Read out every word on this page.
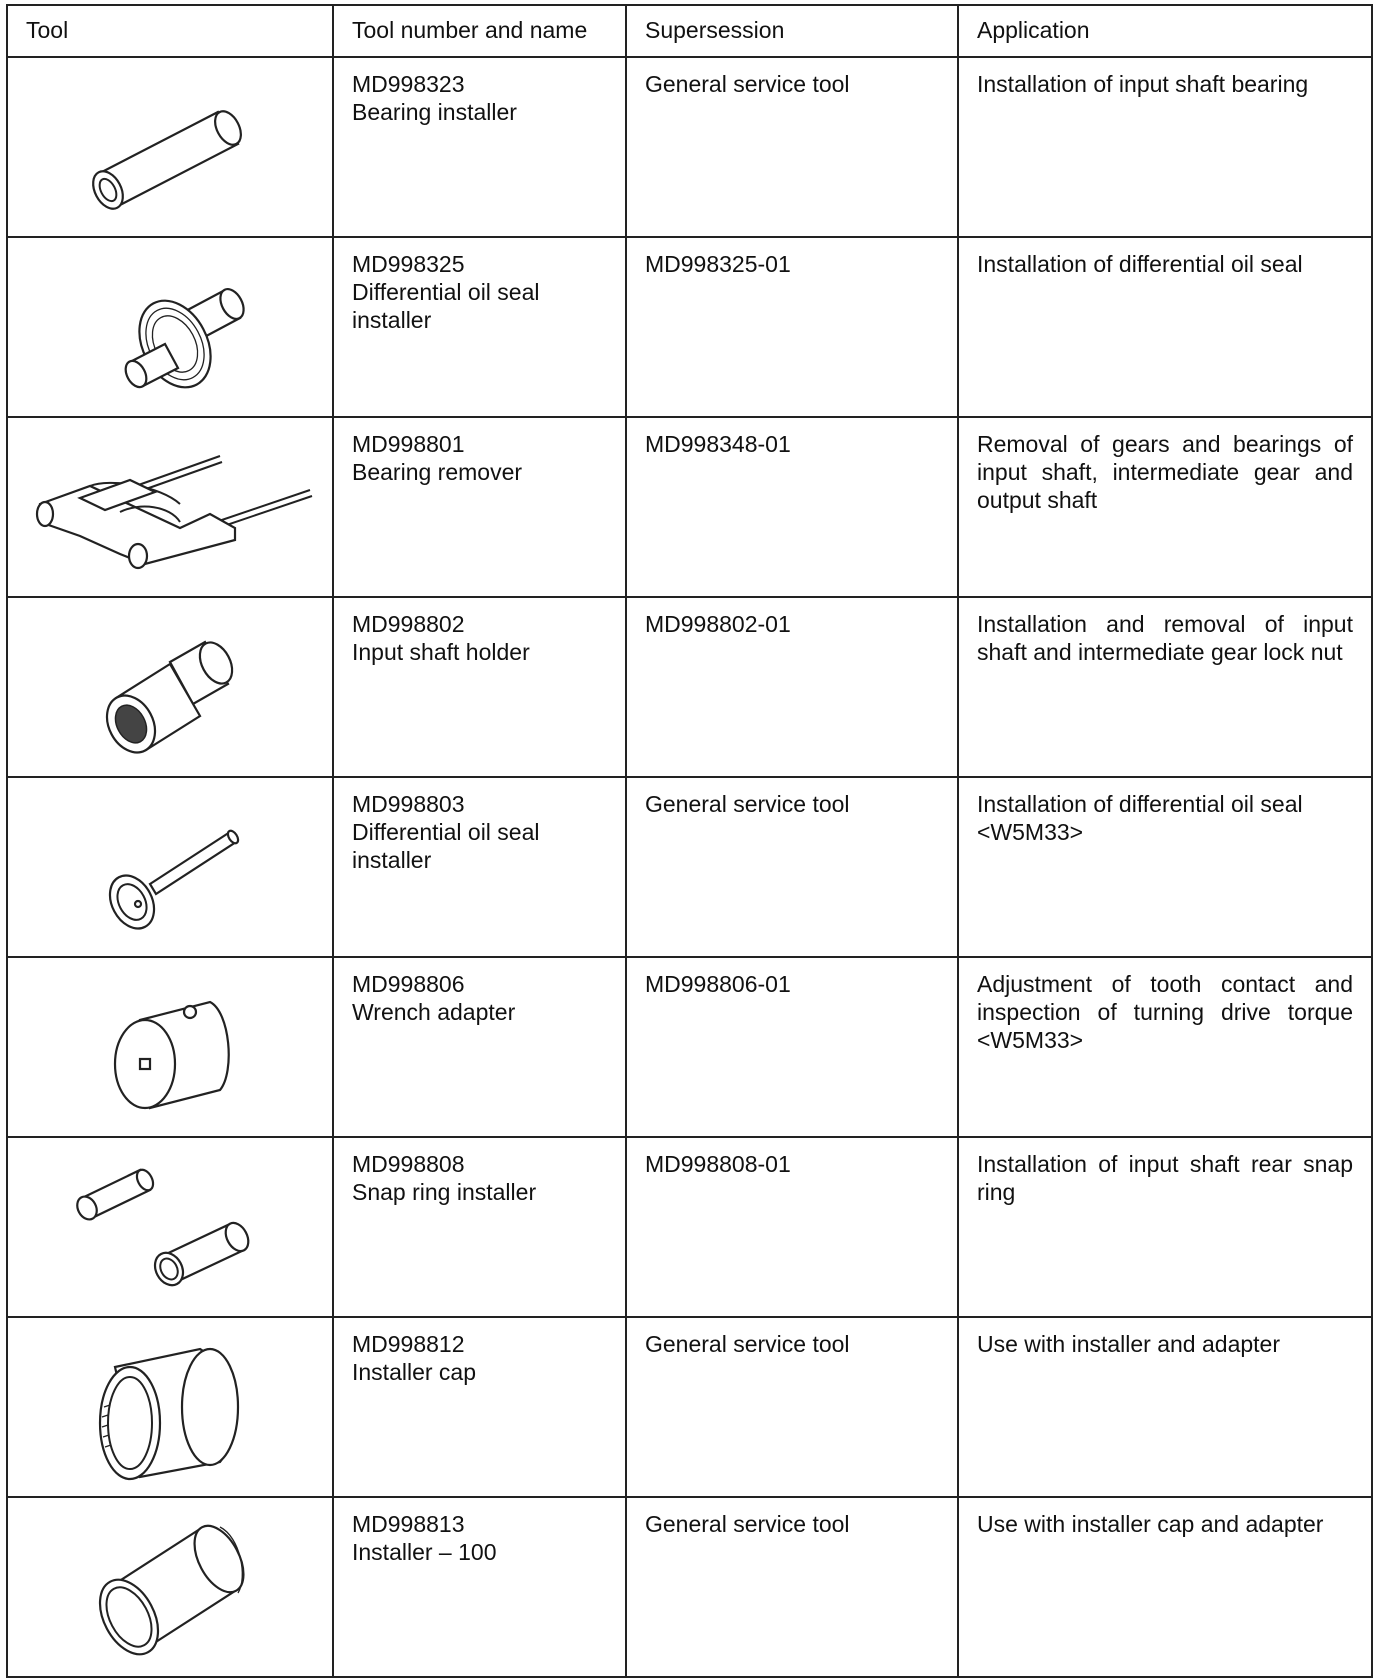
Tool	Tool number and name	Supersession	Application

MD998323
Bearing installer	General service tool	Installation of input shaft bearing

MD998325
Differential oil seal installer	MD998325-01	Installation of differential oil seal

MD998801
Bearing remover	MD998348-01	Removal of gears and bearings of input shaft, intermediate gear and output shaft

MD998802
Input shaft holder	MD998802-01	Installation and removal of input shaft and intermediate gear lock nut

MD998803
Differential oil seal installer	General service tool	Installation of differential oil seal <W5M33>

MD998806
Wrench adapter	MD998806-01	Adjustment of tooth contact and inspection of turning drive torque <W5M33>

MD998808
Snap ring installer	MD998808-01	Installation of input shaft rear snap ring

MD998812
Installer cap	General service tool	Use with installer and adapter

MD998813
Installer – 100	General service tool	Use with installer cap and adapter
